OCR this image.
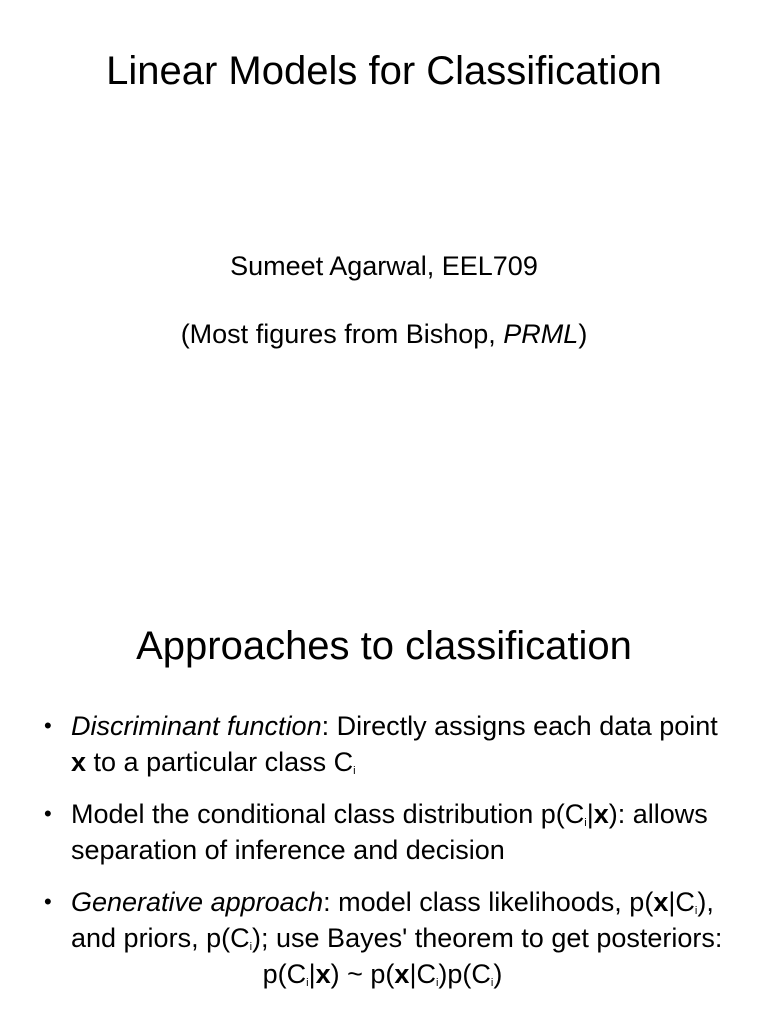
Linear Models for Classification
Sumeet Agarwal, EEL709
(Most figures from Bishop, PRML)
Approaches to classification
• Discriminant function: Directly assigns each data point x to a particular class $C_i$
• Model the conditional class distribution $p(C_i|x)$: allows separation of inference and decision
• Generative approach: model class likelihoods, $p(x|C_i)$, and priors, $p(C_i)$; use Bayes' theorem to get posteriors:
$p(C_i|x)$ ~ $p(x|C_i)p(C_i)$
